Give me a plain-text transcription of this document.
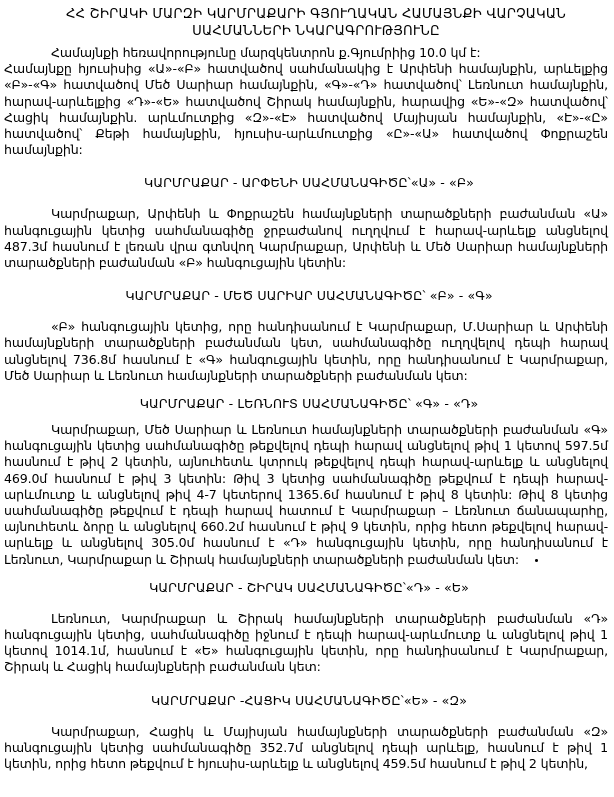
ՀՀ ՇԻՐԱԿԻ ՄԱՐԶԻ ԿԱՐՄՐԱՔԱՐԻ ԳՅՈՒՂԱԿԱՆ ՀԱՄԱՅՆՔԻ ՎԱՐՉԱԿԱՆ ՍԱՀՄԱՆՆԵՐԻ ՆԿԱՐԱԳՐՈՒԹՅՈՒՆԸ

Համայնքի հեռավորությունը մարզկենտրոն ք.Գյումրիից 10.0 կմ է:

Համայնքը հյուսիսից «Ա»-«Բ» հատվածով սահմանակից է Արփենի համայնքին, արևելքից «Բ»-«Գ» հատվածով Մեծ Սարիար համայնքին, «Գ»-«Դ» հատվածով՝ Լեռնուտ համայնքին, հարավ-արևելքից «Դ»-«Ե» հատվածով Շիրակ համայնքին, հարավից «Ե»-«Զ» հատվածով՝ Հացիկ համայնքին. արևմուտքից «Զ»-«Է» հատվածով Մայիսյան համայնքին, «Է»-«Ը» հատվածով՝ Քեթի համայնքին, հյուսիս-արևմուտքից «Ը»-«Ա» հատվածով Փոքրաշեն համայնքին:

ԿԱՐՄՐԱՔԱՐ - ԱՐՓԵՆԻ ՍԱՀՄԱՆԱԳԻԾԸ՝«Ա» - «Բ»

Կարմրաքար, Արփենի և Փոքրաշեն համայնքների տարածքների բաժանման «Ա» հանգուցային կետից սահմանագիծը ջրբաժանով ուղղվում է հարավ-արևելք անցնելով 487.3մ հասնում է լեռան վրա գտնվող Կարմրաքար, Արփենի և Մեծ Սարիար համայնքների տարածքների բաժանման «Բ» հանգուցային կետին:

ԿԱՐՄՐԱՔԱՐ - ՄԵԾ ՍԱՐԻԱՐ ՍԱՀՄԱՆԱԳԻԾԸ՝ «Բ» - «Գ»

«Բ» հանգուցային կետից, որը հանդիսանում է Կարմրաքար, Մ.Սարիար և Արփենի համայնքների տարածքների բաժանման կետ, սահմանագիծը ուղղվելով դեպի հարավ անցնելով 736.8մ հասնում է «Գ» հանգուցային կետին, որը հանդիսանում է Կարմրաքար, Մեծ Սարիար և Լեռնուտ համայնքների տարածքների բաժանման կետ:

ԿԱՐՄՐԱՔԱՐ - ԼԵՌՆՈՒՏ ՍԱՀՄԱՆԱԳԻԾԸ՝ «Գ» - «Դ»

Կարմրաքար, Մեծ Սարիար և Լեռնուտ համայնքների տարածքների բաժանման «Գ» հանգուցային կետից սահմանագիծը թեքվելով դեպի հարավ անցնելով թիվ 1 կետով 597.5մ հասնում է թիվ 2 կետին, այնուհետև կտրուկ թեքվելով դեպի հարավ-արևելք և անցնելով 469.0մ հասնում է թիվ 3 կետին: Թիվ 3 կետից սահմանագիծը թեքվում է դեպի հարավ-արևմուտք և անցնելով թիվ 4-7 կետերով 1365.6մ հասնում է թիվ 8 կետին: Թիվ 8 կետից սահմանագիծը թեքվում է դեպի հարավ հատում է Կարմրաքար – Լեռնուտ ճանապարհը, այնուհետև ձորը և անցնելով 660.2մ հասնում է թիվ 9 կետին, որից հետո թեքվելով հարավ-արևելք և անցնելով 305.0մ հասնում է «Դ» հանգուցային կետին, որը հանդիսանում է Լեռնուտ, Կարմրաքար և Շիրակ համայնքների տարածքների բաժանման կետ:

ԿԱՐՄՐԱՔԱՐ - ՇԻՐԱԿ ՍԱՀՄԱՆԱԳԻԾԸ՝«Դ» - «Ե»

Լեռնուտ, Կարմրաքար և Շիրակ համայնքների տարածքների բաժանման «Դ» հանգուցային կետից, սահմանագիծը իջնում է դեպի հարավ-արևմուտք և անցնելով թիվ 1 կետով 1014.1մ, հասնում է «Ե» հանգուցային կետին, որը հանդիսանում է Կարմրաքար, Շիրակ և Հացիկ համայնքների բաժանման կետ:

ԿԱՐՄՐԱՔԱՐ -ՀԱՑԻԿ ՍԱՀՄԱՆԱԳԻԾԸ՝«Ե» - «Զ»

Կարմրաքար, Հացիկ և Մայիսյան համայնքների տարածքների բաժանման «Զ» հանգուցային կետից սահմանագիծը 352.7մ անցնելով դեպի արևելք, հասնում է թիվ 1 կետին, որից հետո թեքվում է հյուսիս-արևելք և անցնելով 459.5մ հասնում է թիվ 2 կետին,
